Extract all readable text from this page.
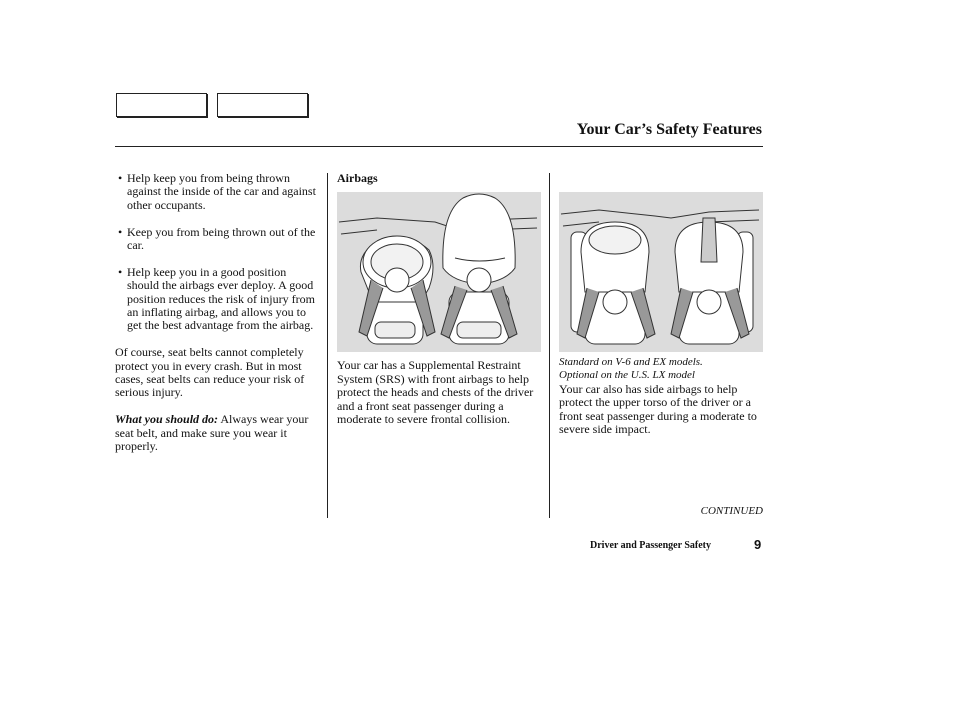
Your Car’s Safety Features

• Help keep you from being thrown against the inside of the car and against other occupants.

• Keep you from being thrown out of the car.

• Help keep you in a good position should the airbags ever deploy. A good position reduces the risk of injury from an inflating airbag, and allows you to get the best advantage from the airbag.

Of course, seat belts cannot completely protect you in every crash. But in most cases, seat belts can reduce your risk of serious injury.

What you should do: Always wear your seat belt, and make sure you wear it properly.

Airbags

Your car has a Supplemental Restraint System (SRS) with front airbags to help protect the heads and chests of the driver and a front seat passenger during a moderate to severe frontal collision.

Standard on V-6 and EX models.

Optional on the U.S. LX model

Your car also has side airbags to help protect the upper torso of the driver or a front seat passenger during a moderate to severe side impact.

CONTINUED
Driver and Passenger Safety	9
